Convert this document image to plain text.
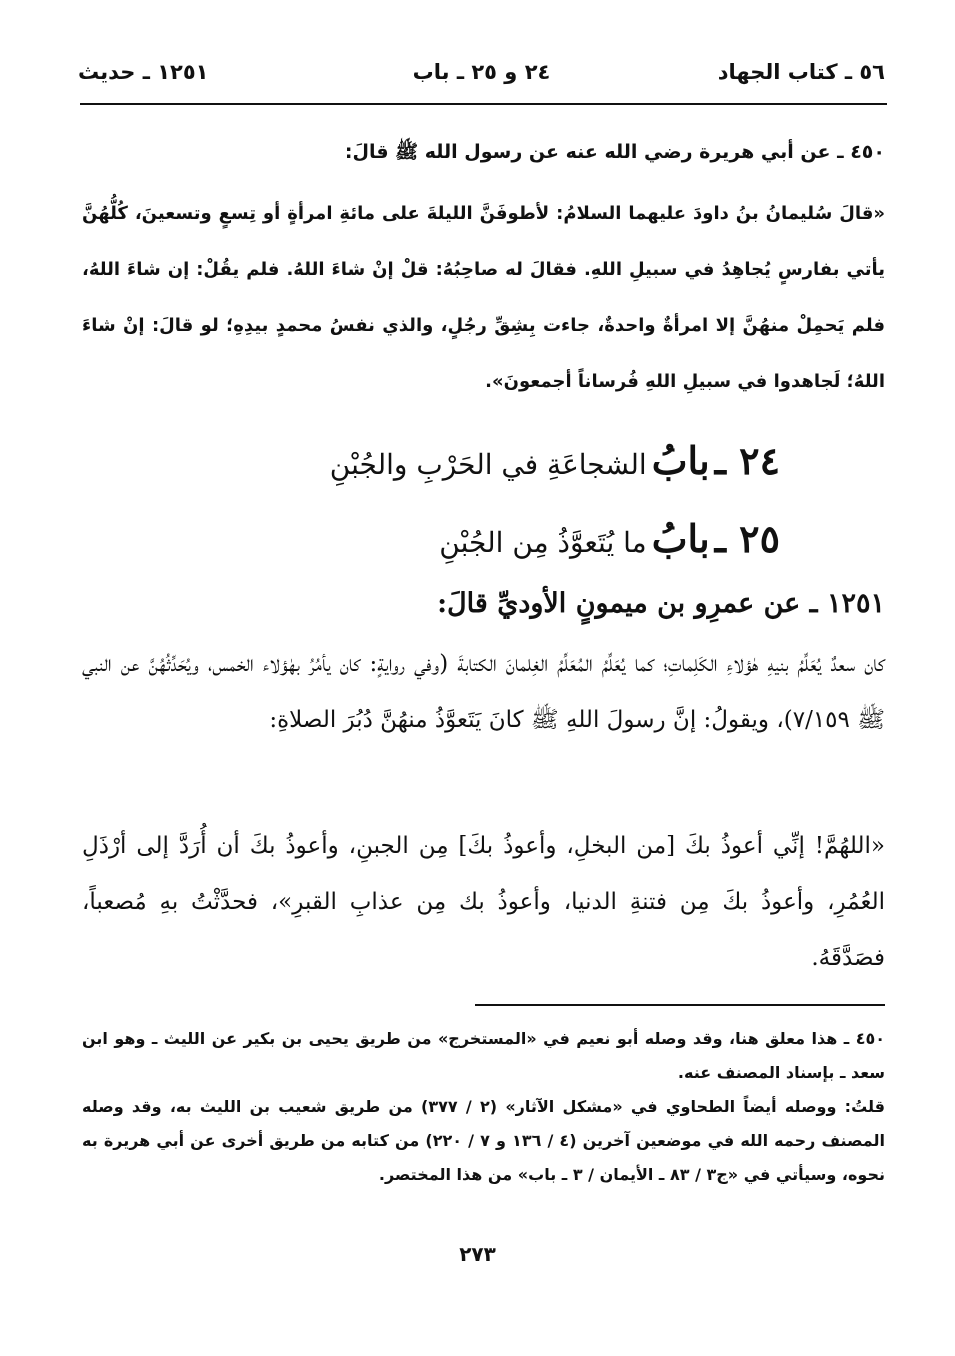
٥٦ ـ كتاب الجهاد
٢٤ و ٢٥ ـ باب
١٢٥١ ـ حديث

٤٥٠ ـ عن أبي هريرة رضي الله عنه عن رسول الله ﷺ قالَ:

«قالَ سُليمانُ بنُ داودَ عليهما السلامُ: لأطوفَنَّ الليلةَ على مائةِ امرأةٍ أو تِسعٍ وتسعينَ، كُلُّهُنَّ يأتي بفارسٍ يُجاهِدُ في سبيلِ اللهِ. فقالَ له صاحِبُهُ: قلْ إنْ شاءَ اللهُ. فلم يقُلْ: إن شاءَ اللهُ، فلم يَحمِلْ منهُنَّ إلا امرأةٌ واحدةٌ، جاءت بِشِقِّ رجُلٍ، والذي نفسُ محمدٍ بيدِهِ؛ لو قالَ: إنْ شاءَ اللهُ؛ لَجاهدوا في سبيلِ اللهِ فُرساناً أجمعونَ».

٢٤ ـ بابُ الشجاعَةِ في الحَرْبِ والجُبْنِ
٢٥ ـ بابُ ما يُتَعوَّذُ مِن الجُبْنِ

١٢٥١ ـ عن عمرِو بن ميمونٍ الأوديِّ قالَ:

كان سعدٌ يُعَلِّمُ بنيهِ هٰؤلاءِ الكَلِماتِ؛ كما يُعَلِّمُ المُعَلِّمُ الغِلمانَ الكتابةَ (وفي روايةٍ: كان يأمُرُ بهٰؤلاء الخمس، ويُحَدِّثُهُنَّ عن النبي ﷺ ٧/١٥٩)، ويقولُ: إنَّ رسولَ اللهِ ﷺ كانَ يَتَعوَّذُ منهُنَّ دُبُرَ الصلاةِ:

«اللهُمَّ! إنِّي أعوذُ بكَ [من البخلِ، وأعوذُ بكَ] مِن الجبنِ، وأعوذُ بكَ أن أُرَدَّ إلى أرْذَلِ العُمُرِ، وأعوذُ بكَ مِن فتنةِ الدنيا، وأعوذُ بك مِن عذابِ القبرِ»، فحدَّثْتُ بهِ مُصعباً، فصَدَّقَهُ.

٤٥٠ ـ هذا معلق هنا، وقد وصله أبو نعيم في «المستخرج» من طريق يحيى بن بكير عن الليث ـ وهو ابن سعد ـ بإسناد المصنف عنه.

قلتُ: ووصله أيضاً الطحاوي في «مشكل الآثار» (٢ / ٣٧٧) من طريق شعيب بن الليث به، وقد وصله المصنف رحمه الله في موضعين آخرين (٤ / ١٣٦ و ٧ / ٢٢٠) من كتابه من طريق أخرى عن أبي هريرة به نحوه، وسيأتي في «ج٣ / ٨٣ ـ الأيمان / ٣ ـ باب» من هذا المختصر.

٢٧٣
